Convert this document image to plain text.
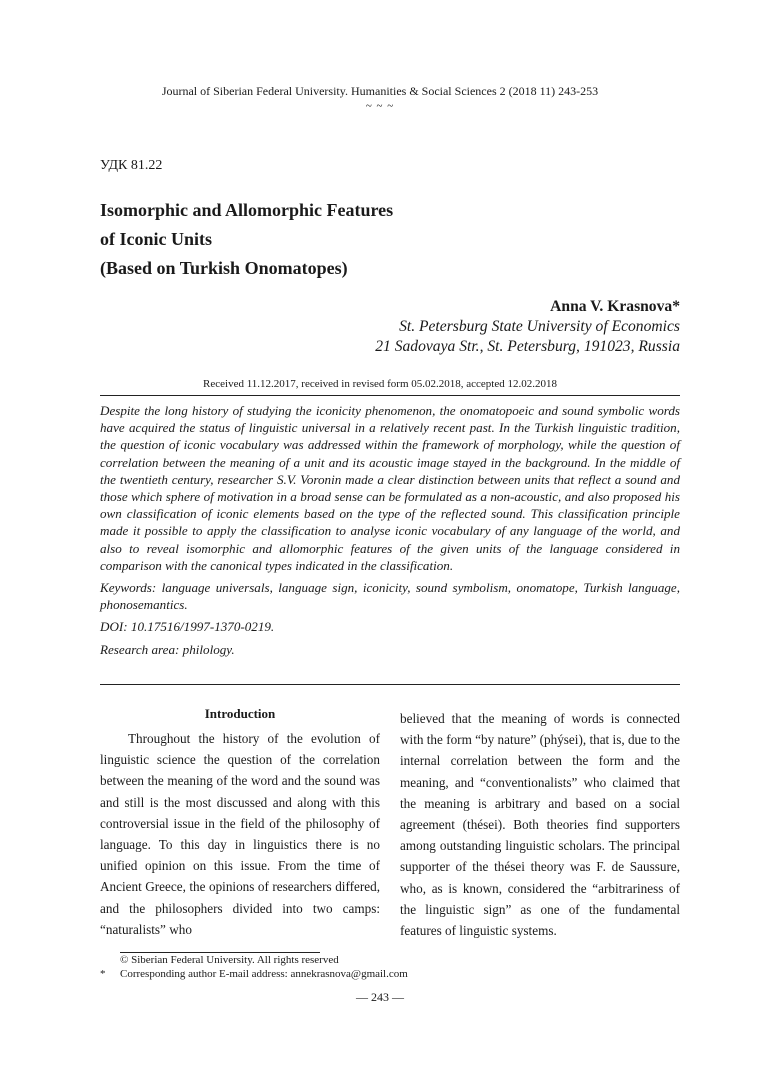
Journal of Siberian Federal University. Humanities & Social Sciences 2 (2018 11) 243-253
~ ~ ~
УДК 81.22
Isomorphic and Allomorphic Features
of Iconic Units
(Based on Turkish Onomatopes)
Anna V. Krasnova*
St. Petersburg State University of Economics
21 Sadovaya Str., St. Petersburg, 191023, Russia
Received 11.12.2017, received in revised form 05.02.2018, accepted 12.02.2018

Despite the long history of studying the iconicity phenomenon, the onomatopoeic and sound symbolic words have acquired the status of linguistic universal in a relatively recent past. In the Turkish linguistic tradition, the question of iconic vocabulary was addressed within the framework of morphology, while the question of correlation between the meaning of a unit and its acoustic image stayed in the background. In the middle of the twentieth century, researcher S.V. Voronin made a clear distinction between units that reflect a sound and those which sphere of motivation in a broad sense can be formulated as a non-acoustic, and also proposed his own classification of iconic elements based on the type of the reflected sound. This classification principle made it possible to apply the classification to analyse iconic vocabulary of any language of the world, and also to reveal isomorphic and allomorphic features of the given units of the language considered in comparison with the canonical types indicated in the classification.

Keywords: language universals, language sign, iconicity, sound symbolism, onomatope, Turkish language, phonosemantics.

DOI: 10.17516/1997-1370-0219.

Research area: philology.

Introduction

Throughout the history of the evolution of linguistic science the question of the correlation between the meaning of the word and the sound was and still is the most discussed and along with this controversial issue in the field of the philosophy of language. To this day in linguistics there is no unified opinion on this issue. From the time of Ancient Greece, the opinions of researchers differed, and the philosophers divided into two camps: “naturalists” who

believed that the meaning of words is connected with the form “by nature” (phýsei), that is, due to the internal correlation between the form and the meaning, and “conventionalists” who claimed that the meaning is arbitrary and based on a social agreement (thései). Both theories find supporters among outstanding linguistic scholars. The principal supporter of the thései theory was F. de Saussure, who, as is known, considered the “arbitrariness of the linguistic sign” as one of the fundamental features of linguistic systems.

© Siberian Federal University. All rights reserved
* Corresponding author E-mail address: annekrasnova@gmail.com
— 243 —
